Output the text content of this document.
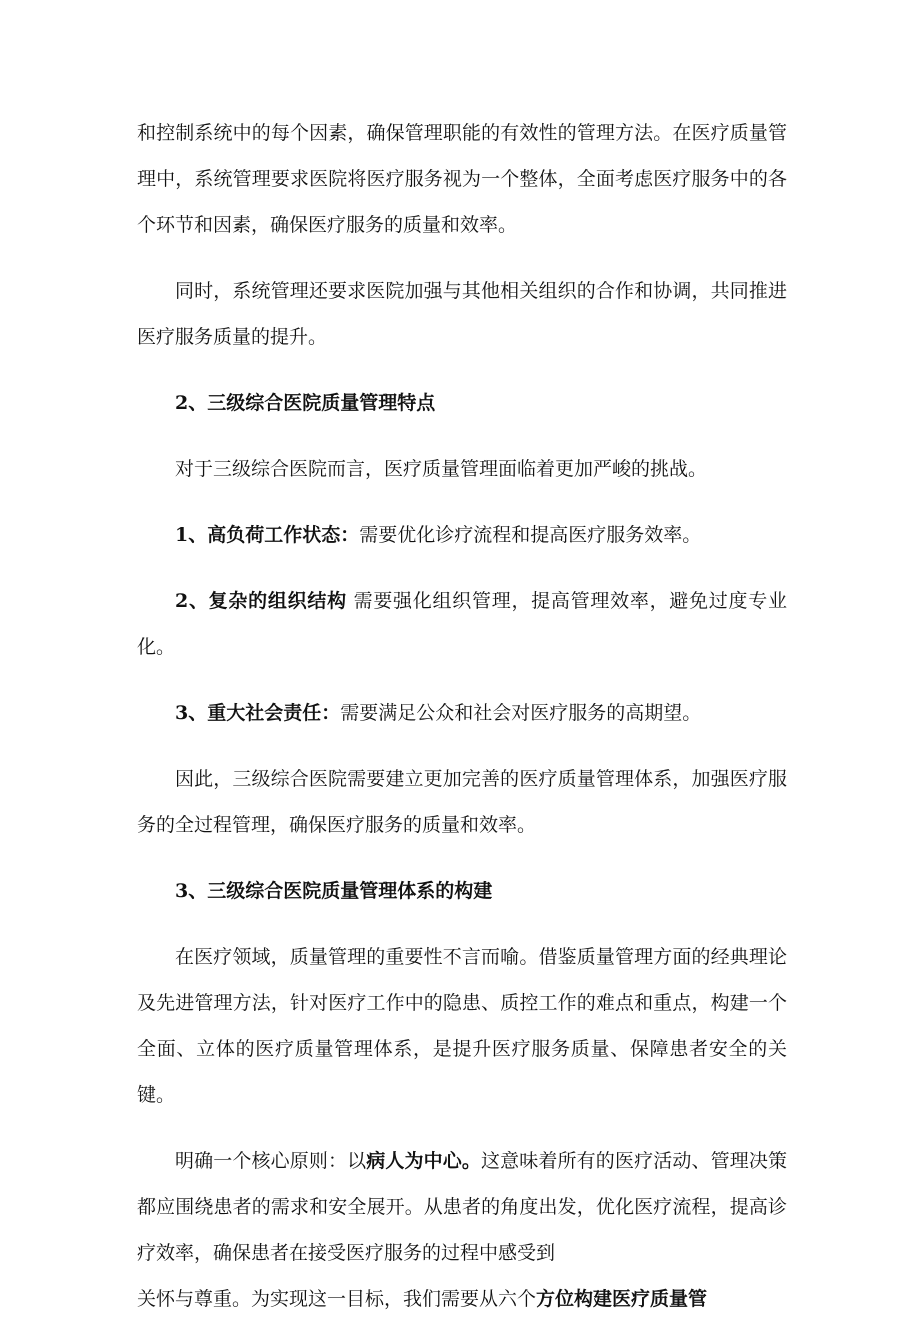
和控制系统中的每个因素，确保管理职能的有效性的管理方法。在医疗质量管理中，系统管理要求医院将医疗服务视为一个整体，全面考虑医疗服务中的各个环节和因素，确保医疗服务的质量和效率。

同时，系统管理还要求医院加强与其他相关组织的合作和协调，共同推进医疗服务质量的提升。

2、三级综合医院质量管理特点

对于三级综合医院而言，医疗质量管理面临着更加严峻的挑战。

1、高负荷工作状态：需要优化诊疗流程和提高医疗服务效率。

2、复杂的组织结构 需要强化组织管理，提高管理效率，避免过度专业化。

3、重大社会责任：需要满足公众和社会对医疗服务的高期望。

因此，三级综合医院需要建立更加完善的医疗质量管理体系，加强医疗服务的全过程管理，确保医疗服务的质量和效率。

3、三级综合医院质量管理体系的构建

在医疗领域，质量管理的重要性不言而喻。借鉴质量管理方面的经典理论及先进管理方法，针对医疗工作中的隐患、质控工作的难点和重点，构建一个全面、立体的医疗质量管理体系，是提升医疗服务质量、保障患者安全的关键。

明确一个核心原则：以病人为中心。这意味着所有的医疗活动、管理决策都应围绕患者的需求和安全展开。从患者的角度出发，优化医疗流程，提高诊疗效率，确保患者在接受医疗服务的过程中感受到

关怀与尊重。为实现这一目标，我们需要从六个方位构建医疗质量管
